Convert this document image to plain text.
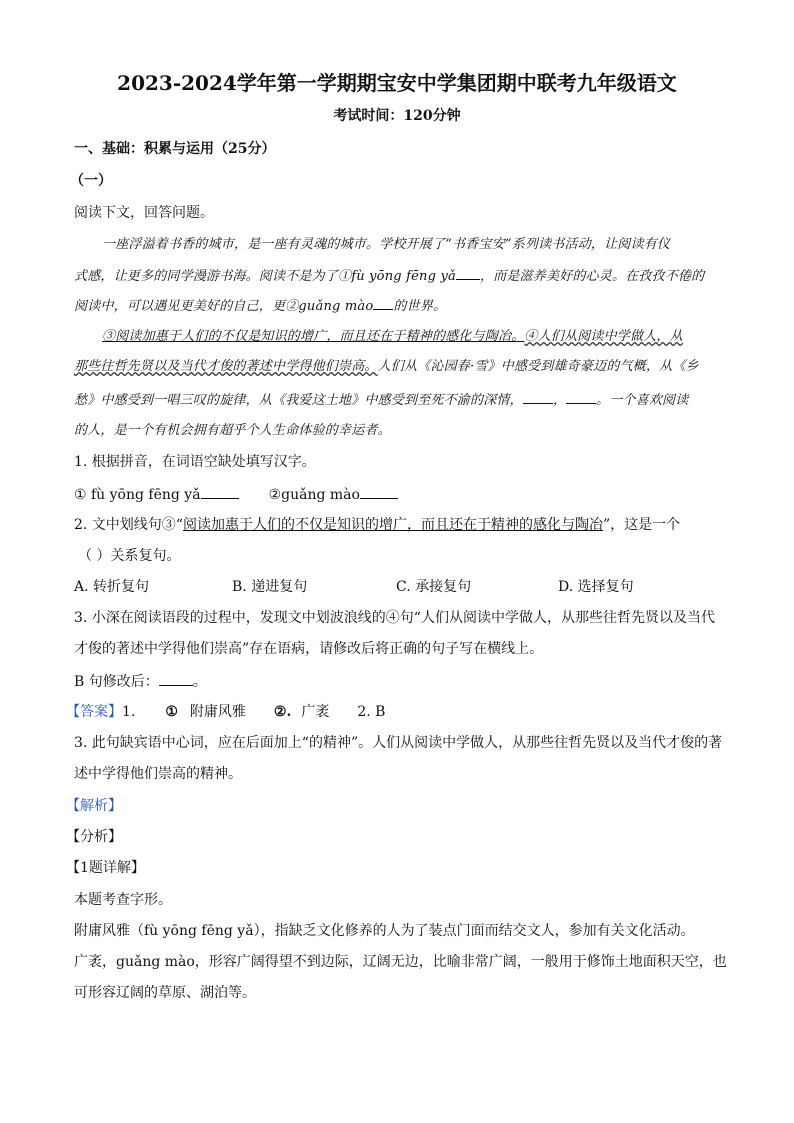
2023-2024学年第一学期期宝安中学集团期中联考九年级语文
考试时间：120分钟
一、基础：积累与运用（25分）
（一）
阅读下文，回答问题。
一座浮溢着书香的城市，是一座有灵魂的城市。学校开展了“书香宝安”系列读书活动，让阅读有仪
式感，让更多的同学漫游书海。阅读不是为了①fù yōng fēng yǎ ，而是滋养美好的心灵。在孜孜不倦的
阅读中，可以遇见更美好的自己，更②guǎng mào 的世界。
③阅读加惠于人们的不仅是知识的增广，而且还在于精神的感化与陶冶。④人们从阅读中学做人，从
那些往哲先贤以及当代才俊的著述中学得他们崇高。人们从《沁园春·雪》中感受到雄奇豪迈的气概，从《乡
愁》中感受到一唱三叹的旋律，从《我爱这土地》中感受到至死不渝的深情， ， 。一个喜欢阅读
的人，是一个有机会拥有超乎个人生命体验的幸运者。
1. 根据拼音，在词语空缺处填写汉字。
① fù yōng fēng yǎ	②guǎng mào
2. 文中划线句③“阅读加惠于人们的不仅是知识的增广，而且还在于精神的感化与陶冶”，这是一个
（ ）关系复句。
A. 转折复句	B. 递进复句	C. 承接复句	D. 选择复句
3. 小深在阅读语段的过程中，发现文中划波浪线的④句“人们从阅读中学做人，从那些往哲先贤以及当代
才俊的著述中学得他们崇高”存在语病，请修改后将正确的句子写在横线上。
B 句修改后： 。
【答案】1. ① 附庸风雅 ②. 广袤 2. B
3. 此句缺宾语中心词，应在后面加上“的精神”。人们从阅读中学做人，从那些往哲先贤以及当代才俊的著
述中学得他们崇高的精神。
【解析】
【分析】
【1题详解】
本题考查字形。
附庸风雅（fù yōng fēng yǎ），指缺乏文化修养的人为了装点门面而结交文人，参加有关文化活动。
广袤，guǎng mào，形容广阔得望不到边际，辽阔无边，比喻非常广阔，一般用于修饰土地面积天空，也
可形容辽阔的草原、湖泊等。
